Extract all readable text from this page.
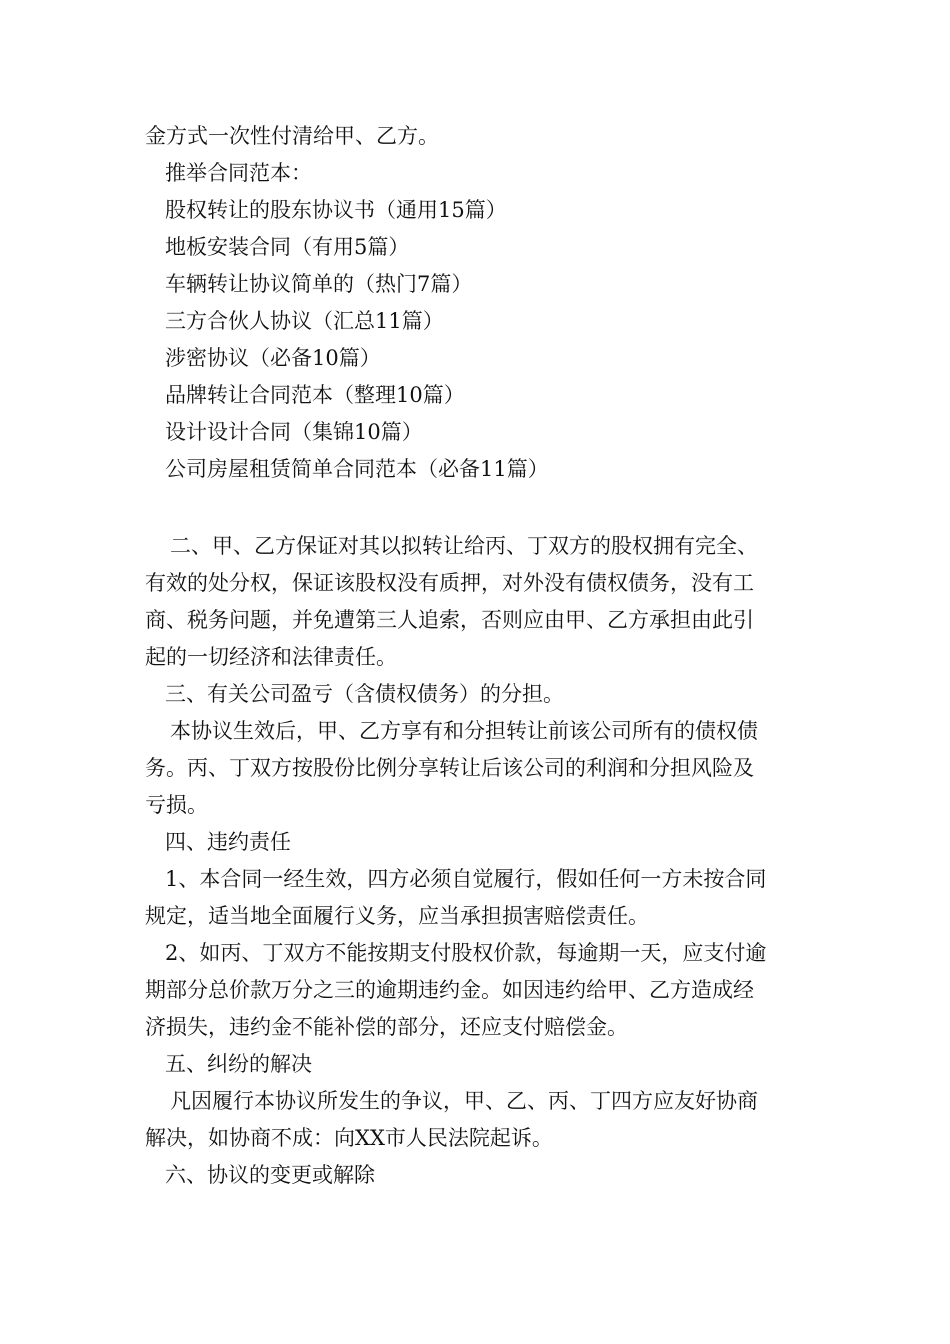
金方式一次性付清给甲、乙方。
推举合同范本：
股权转让的股东协议书（通用15篇）
地板安装合同（有用5篇）
车辆转让协议简单的（热门7篇）
三方合伙人协议（汇总11篇）
涉密协议（必备10篇）
品牌转让合同范本（整理10篇）
设计设计合同（集锦10篇）
公司房屋租赁简单合同范本（必备11篇）
二、甲、乙方保证对其以拟转让给丙、丁双方的股权拥有完全、
有效的处分权，保证该股权没有质押，对外没有债权债务，没有工
商、税务问题，并免遭第三人追索，否则应由甲、乙方承担由此引
起的一切经济和法律责任。
三、有关公司盈亏（含债权债务）的分担。
本协议生效后，甲、乙方享有和分担转让前该公司所有的债权债
务。丙、丁双方按股份比例分享转让后该公司的利润和分担风险及
亏损。
四、违约责任
1、本合同一经生效，四方必须自觉履行，假如任何一方未按合同
规定，适当地全面履行义务，应当承担损害赔偿责任。
2、如丙、丁双方不能按期支付股权价款，每逾期一天，应支付逾
期部分总价款万分之三的逾期违约金。如因违约给甲、乙方造成经
济损失，违约金不能补偿的部分，还应支付赔偿金。
五、纠纷的解决
凡因履行本协议所发生的争议，甲、乙、丙、丁四方应友好协商
解决，如协商不成：向XX市人民法院起诉。
六、协议的变更或解除
